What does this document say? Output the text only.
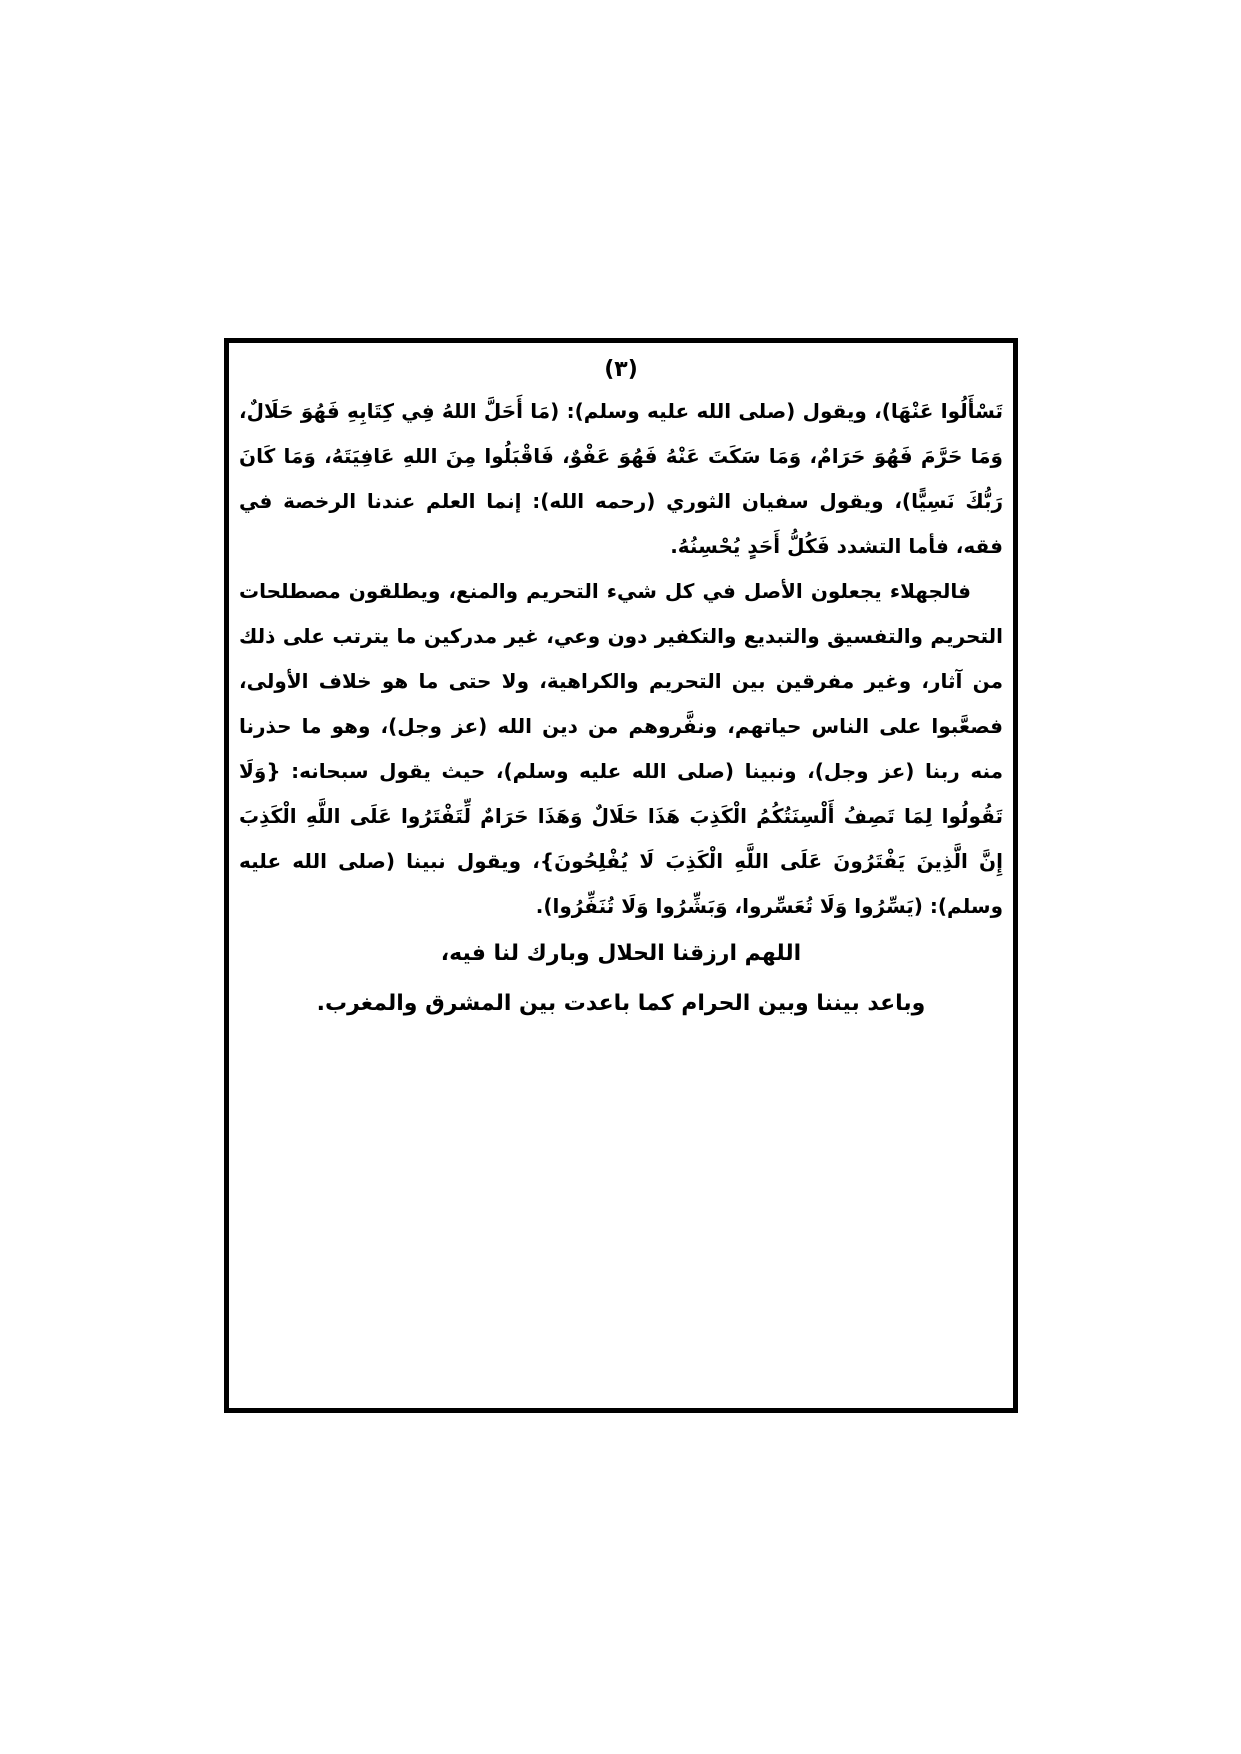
(٣)

تَسْأَلُوا عَنْهَا)، ويقول (صلى الله عليه وسلم): (مَا أَحَلَّ اللهُ فِي كِتَابِهِ فَهُوَ حَلَالٌ، وَمَا حَرَّمَ فَهُوَ حَرَامٌ، وَمَا سَكَتَ عَنْهُ فَهُوَ عَفْوٌ، فَاقْبَلُوا مِنَ اللهِ عَافِيَتَهُ، وَمَا كَانَ رَبُّكَ نَسِيًّا)، ويقول سفيان الثوري (رحمه الله): إنما العلم عندنا الرخصة في فقه، فأما التشدد فَكُلُّ أَحَدٍ يُحْسِنُهُ.

فالجهلاء يجعلون الأصل في كل شيء التحريم والمنع، ويطلقون مصطلحات التحريم والتفسيق والتبديع والتكفير دون وعي، غير مدركين ما يترتب على ذلك من آثار، وغير مفرقين بين التحريم والكراهية، ولا حتى ما هو خلاف الأولى، فصعَّبوا على الناس حياتهم، ونفَّروهم من دين الله (عز وجل)، وهو ما حذرنا منه ربنا (عز وجل)، ونبينا (صلى الله عليه وسلم)، حيث يقول سبحانه: {وَلَا تَقُولُوا لِمَا تَصِفُ أَلْسِنَتُكُمُ الْكَذِبَ هَذَا حَلَالٌ وَهَذَا حَرَامٌ لِّتَفْتَرُوا عَلَى اللَّهِ الْكَذِبَ إِنَّ الَّذِينَ يَفْتَرُونَ عَلَى اللَّهِ الْكَذِبَ لَا يُفْلِحُونَ}، ويقول نبينا (صلى الله عليه وسلم): (يَسِّرُوا وَلَا تُعَسِّروا، وَبَشِّرُوا وَلَا تُنَفِّرُوا).

اللهم ارزقنا الحلال وبارك لنا فيه،

وباعد بيننا وبين الحرام كما باعدت بين المشرق والمغرب.
